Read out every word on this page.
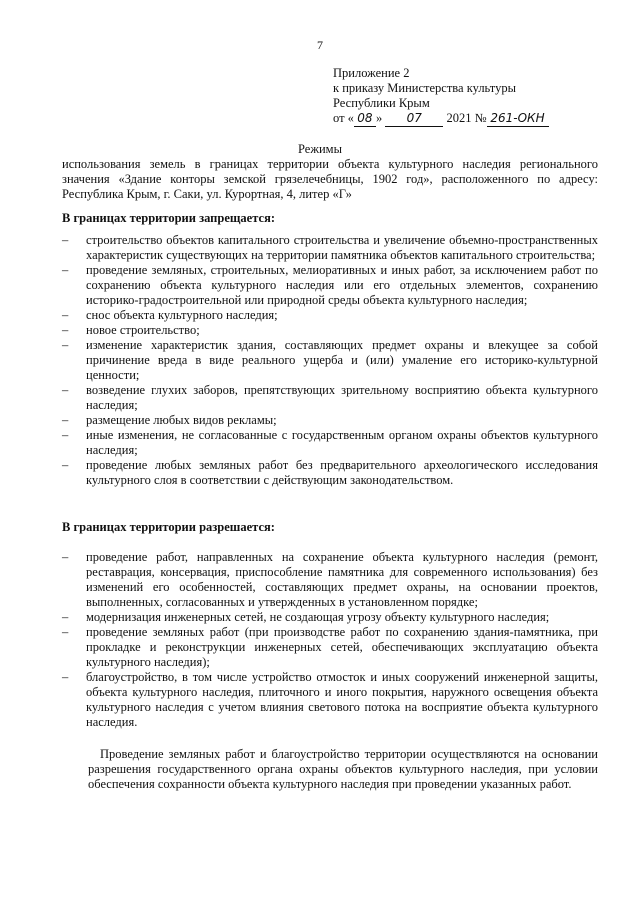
7
Приложение 2
к приказу Министерства культуры
Республики Крым
от « 08 » 07 2021 № 261-ОКН
Режимы
использования земель в границах территории объекта культурного наследия регионального значения «Здание конторы земской грязелечебницы, 1902 год», расположенного по адресу: Республика Крым, г. Саки, ул. Курортная, 4, литер «Г»
В границах территории запрещается:
– строительство объектов капитального строительства и увеличение объемно-пространственных характеристик существующих на территории памятника объектов капитального строительства;
– проведение земляных, строительных, мелиоративных и иных работ, за исключением работ по сохранению объекта культурного наследия или его отдельных элементов, сохранению историко-градостроительной или природной среды объекта культурного наследия;
– снос объекта культурного наследия;
– новое строительство;
– изменение характеристик здания, составляющих предмет охраны и влекущее за собой причинение вреда в виде реального ущерба и (или) умаление его историко-культурной ценности;
– возведение глухих заборов, препятствующих зрительному восприятию объекта культурного наследия;
– размещение любых видов рекламы;
– иные изменения, не согласованные с государственным органом охраны объектов культурного наследия;
– проведение любых земляных работ без предварительного археологического исследования культурного слоя в соответствии с действующим законодательством.
В границах территории разрешается:
– проведение работ, направленных на сохранение объекта культурного наследия (ремонт, реставрация, консервация, приспособление памятника для современного использования) без изменений его особенностей, составляющих предмет охраны, на основании проектов, выполненных, согласованных и утвержденных в установленном порядке;
– модернизация инженерных сетей, не создающая угрозу объекту культурного наследия;
– проведение земляных работ (при производстве работ по сохранению здания-памятника, при прокладке и реконструкции инженерных сетей, обеспечивающих эксплуатацию объекта культурного наследия);
– благоустройство, в том числе устройство отмосток и иных сооружений инженерной защиты, объекта культурного наследия, плиточного и иного покрытия, наружного освещения объекта культурного наследия с учетом влияния светового потока на восприятие объекта культурного наследия.
Проведение земляных работ и благоустройство территории осуществляются на основании разрешения государственного органа охраны объектов культурного наследия, при условии обеспечения сохранности объекта культурного наследия при проведении указанных работ.
